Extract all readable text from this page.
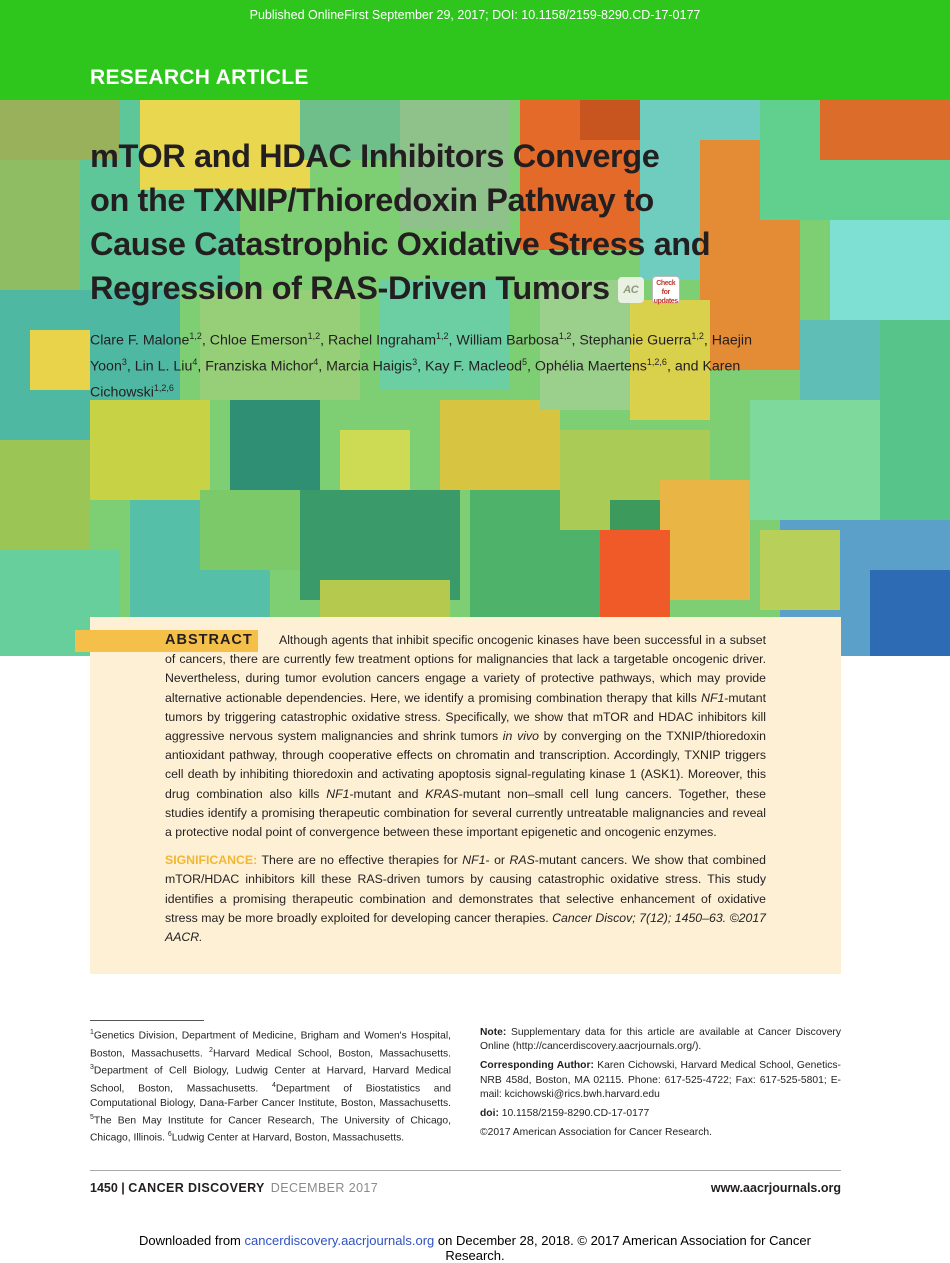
Published OnlineFirst September 29, 2017; DOI: 10.1158/2159-8290.CD-17-0177
RESEARCH ARTICLE
mTOR and HDAC Inhibitors Converge
on the TXNIP/Thioredoxin Pathway to
Cause Catastrophic Oxidative Stress and
Regression of RAS-Driven Tumors ACCheck for updates
Clare F. Malone$^{1,2}$, Chloe Emerson$^{1,2}$, Rachel Ingraham$^{1,2}$, William Barbosa$^{1,2}$, Stephanie Guerra$^{1,2}$, Haejin Yoon$^3$, Lin L. Liu$^4$, Franziska Michor$^4$, Marcia Haigis$^3$, Kay F. Macleod$^5$, Ophélia Maertens$^{1,2,6}$, and Karen Cichowski$^{1,2,6}$
ABSTRACT	Although agents that inhibit specific oncogenic kinases have been successful in a subset of cancers, there are currently few treatment options for malignancies that lack a targetable oncogenic driver. Nevertheless, during tumor evolution cancers engage a variety of protective pathways, which may provide alternative actionable dependencies. Here, we identify a promising combination therapy that kills NF1-mutant tumors by triggering catastrophic oxidative stress. Specifically, we show that mTOR and HDAC inhibitors kill aggressive nervous system malignancies and shrink tumors in vivo by converging on the TXNIP/thioredoxin antioxidant pathway, through cooperative effects on chromatin and transcription. Accordingly, TXNIP triggers cell death by inhibiting thioredoxin and activating apoptosis signal-regulating kinase 1 (ASK1). Moreover, this drug combination also kills NF1-mutant and KRAS-mutant non–small cell lung cancers. Together, these studies identify a promising therapeutic combination for several currently untreatable malignancies and reveal a protective nodal point of convergence between these important epigenetic and oncogenic enzymes.
SIGNIFICANCE: There are no effective therapies for NF1- or RAS-mutant cancers. We show that combined mTOR/HDAC inhibitors kill these RAS-driven tumors by causing catastrophic oxidative stress. This study identifies a promising therapeutic combination and demonstrates that selective enhancement of oxidative stress may be more broadly exploited for developing cancer therapies. Cancer Discov; 7(12); 1450–63. ©2017 AACR.
$^1$Genetics Division, Department of Medicine, Brigham and Women's Hospital, Boston, Massachusetts. $^2$Harvard Medical School, Boston, Massachusetts. $^3$Department of Cell Biology, Ludwig Center at Harvard, Harvard Medical School, Boston, Massachusetts. $^4$Department of Biostatistics and Computational Biology, Dana-Farber Cancer Institute, Boston, Massachusetts. $^5$The Ben May Institute for Cancer Research, The University of Chicago, Chicago, Illinois. $^6$Ludwig Center at Harvard, Boston, Massachusetts.

Note: Supplementary data for this article are available at Cancer Discovery Online (http://cancerdiscovery.aacrjournals.org/).

Corresponding Author: Karen Cichowski, Harvard Medical School, Genetics-NRB 458d, Boston, MA 02115. Phone: 617-525-4722; Fax: 617-525-5801; E-mail: kcichowski@rics.bwh.harvard.edu

doi: 10.1158/2159-8290.CD-17-0177

©2017 American Association for Cancer Research.

1450 | CANCER DISCOVERY DECEMBER 2017	www.aacrjournals.org
Downloaded from cancerdiscovery.aacrjournals.org on December 28, 2018. © 2017 American Association for Cancer Research.
